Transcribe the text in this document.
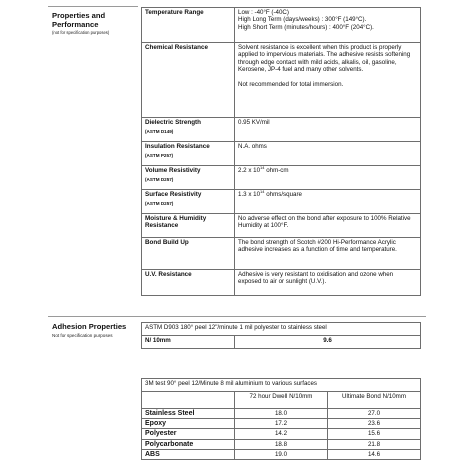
Properties and
Performance
(not for specification purposes)
Temperature Range	Low : -40°F (-40C)
High Long Term (days/weeks) : 300°F (149°C).
High Short Term (minutes/hours) : 400°F (204°C).

Chemical Resistance	Solvent resistance is excellent when this product is properly applied to impervious materials. The adhesive resists softening through edge contact with mild acids, alkalis, oil, gasoline, Kerosene, JP-4 fuel and many other solvents.
Not recommended for total immersion.

Dielectric Strength
(ASTM D149)	0.95 KV/mil
Insulation Resistance
(ASTM P257)	N.A. ohms
Volume Resistivity
(ASTM D257)	2.2 x $10^{14}$ ohm-cm
Surface Resistivity
(ASTM D257)	1.3 x $10^{14}$ ohms/square
Moisture & Humidity Resistance	No adverse effect on the bond after exposure to 100% Relative Humidity at 100°F.
Bond Build Up	The bond strength of Scotch #200 Hi-Performance Acrylic adhesive increases as a function of time and temperature.
U.V. Resistance	Adhesive is very resistant to oxidisation and ozone when exposed to air or sunlight (U.V.).
Adhesion Properties
Not for specification purposes
ASTM D903 180° peel 12"/minute 1 mil polyester to stainless steel
N/ 10mm	9.6
3M test 90° peel 12/Minute 8 mil aluminium to various surfaces		
	72 hour Dwell N/10mm	Ultimate Bond N/10mm
Stainless Steel	18.0	27.0
Epoxy	17.2	23.6
Polyester	14.2	15.6
Polycarbonate	18.8	21.8
ABS	19.0	14.6
